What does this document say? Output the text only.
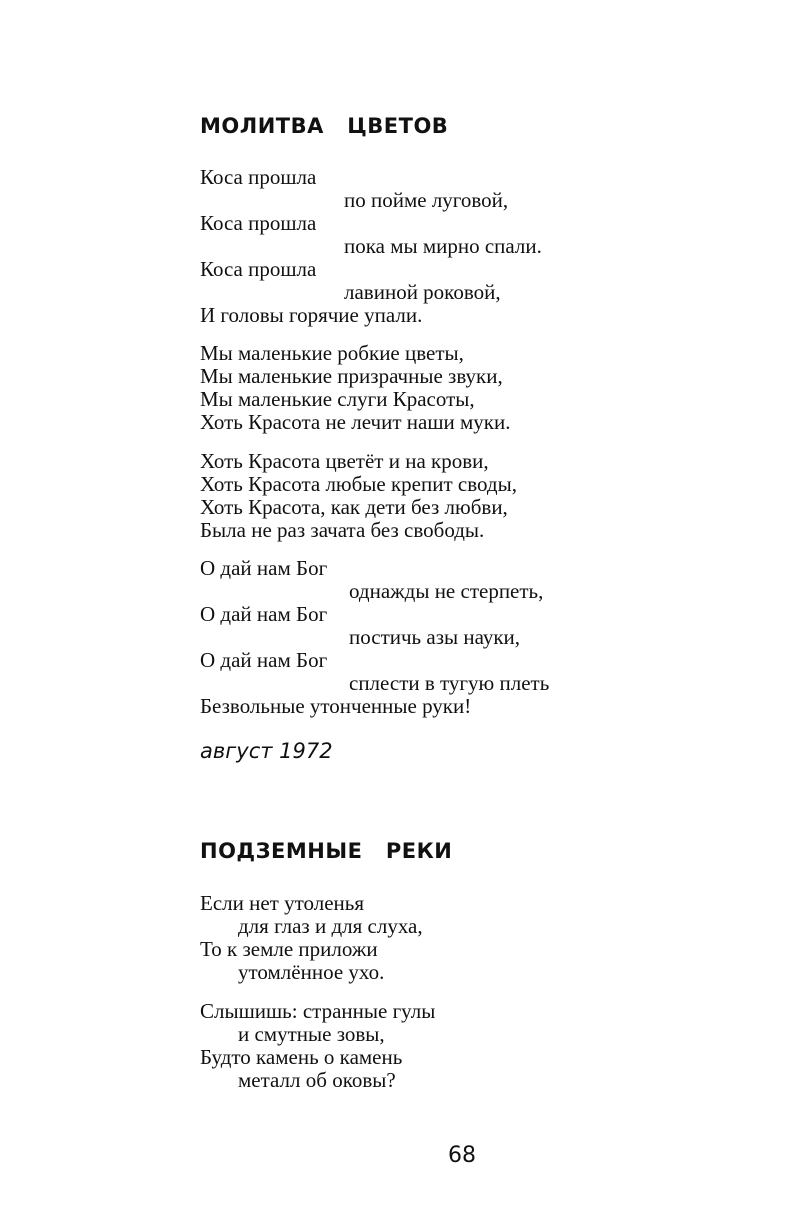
МОЛИТВА   ЦВЕТОВ
Коса прошла
по пойме луговой,
Коса прошла
пока мы мирно спали.
Коса прошла
лавиной роковой,
И головы горячие упали.
Мы маленькие робкие цветы,
Мы маленькие призрачные звуки,
Мы маленькие слуги Красоты,
Хоть Красота не лечит наши муки.
Хоть Красота цветёт и на крови,
Хоть Красота любые крепит своды,
Хоть Красота, как дети без любви,
Была не раз зачата без свободы.
О дай нам Бог
однажды не стерпеть,
О дай нам Бог
постичь азы науки,
О дай нам Бог
сплести в тугую плеть
Безвольные утонченные руки!

август 1972

ПОДЗЕМНЫЕ   РЕКИ
Если нет утоленья
для глаз и для слуха,
То к земле приложи
утомлённое ухо.
Слышишь: странные гулы
и смутные зовы,
Будто камень о камень
металл об оковы?

68
